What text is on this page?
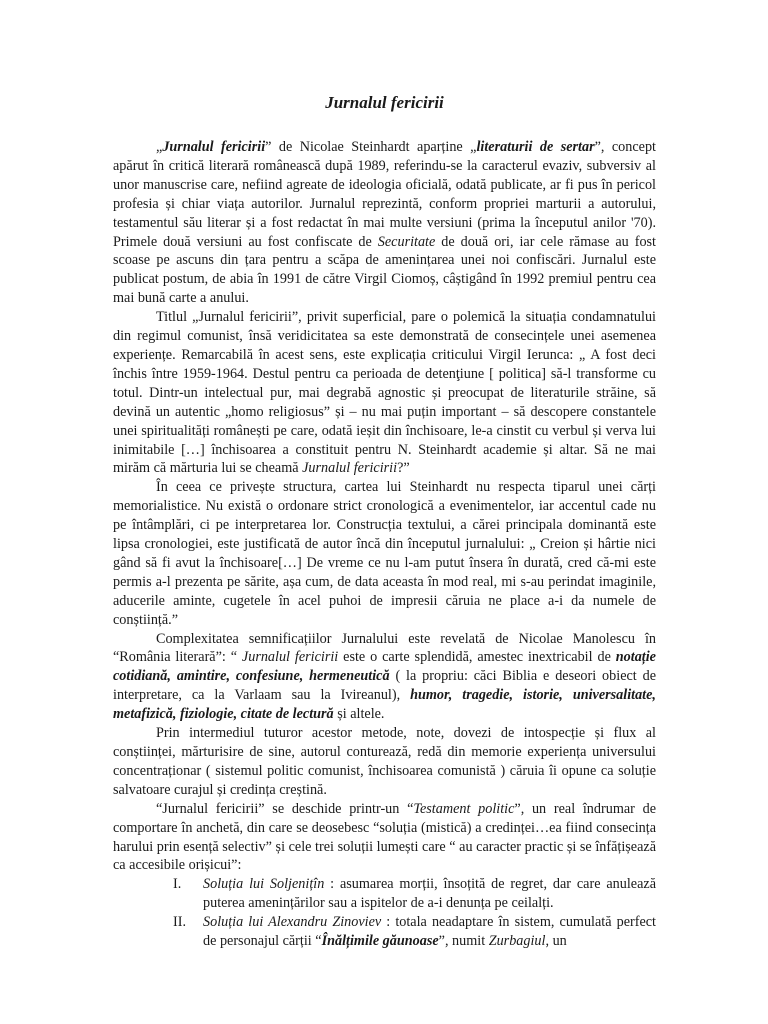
Jurnalul fericirii

„Jurnalul fericirii” de Nicolae Steinhardt aparține „literaturii de sertar”, concept apărut în critică literară românească după 1989, referindu-se la caracterul evaziv, subversiv al unor manuscrise care, nefiind agreate de ideologia oficială, odată publicate, ar fi pus în pericol profesia și chiar viața autorilor. Jurnalul reprezintă, conform propriei marturii a autorului, testamentul său literar și a fost redactat în mai multe versiuni (prima la începutul anilor '70). Primele două versiuni au fost confiscate de Securitate de două ori, iar cele rămase au fost scoase pe ascuns din țara pentru a scăpa de amenințarea unei noi confiscări. Jurnalul este publicat postum, de abia în 1991 de către Virgil Ciomoș, câștigând în 1992 premiul pentru cea mai bună carte a anului.

Titlul „Jurnalul fericirii”, privit superficial, pare o polemică la situația condamnatului din regimul comunist, însă veridicitatea sa este demonstrată de consecințele unei asemenea experiențe. Remarcabilă în acest sens, este explicația criticului Virgil Ierunca: „ A fost deci închis între 1959-1964. Destul pentru ca perioada de detenţiune [ politica] să-l transforme cu totul. Dintr-un intelectual pur, mai degrabă agnostic și preocupat de literaturile străine, să devină un autentic „homo religiosus” și – nu mai puțin important – să descopere constantele unei spiritualități românești pe care, odată ieșit din închisoare, le-a cinstit cu verbul și verva lui inimitabile […] închisoarea a constituit pentru N. Steinhardt academie și altar. Să ne mai mirăm că mărturia lui se cheamă Jurnalul fericirii?”

În ceea ce privește structura, cartea lui Steinhardt nu respecta tiparul unei cărți memorialistice. Nu există o ordonare strict cronologică a evenimentelor, iar accentul cade nu pe întâmplări, ci pe interpretarea lor. Construcția textului, a cărei principala dominantă este lipsa cronologiei, este justificată de autor încă din începutul jurnalului: „ Creion și hârtie nici gând să fi avut la închisoare[…] De vreme ce nu l-am putut însera în durată, cred că-mi este permis a-l prezenta pe sărite, așa cum, de data aceasta în mod real, mi s-au perindat imaginile, aducerile aminte, cugetele în acel puhoi de impresii căruia ne place a-i da numele de conștiință.”

Complexitatea semnificațiilor Jurnalului este revelată de Nicolae Manolescu în “România literară”: “ Jurnalul fericirii este o carte splendidă, amestec inextricabil de notație cotidiană, amintire, confesiune, hermeneutică ( la propriu: căci Biblia e deseori obiect de interpretare, ca la Varlaam sau la Ivireanul), humor, tragedie, istorie, universalitate, metafizică, fiziologie, citate de lectură și altele.

Prin intermediul tuturor acestor metode, note, dovezi de intospecție și flux al conștiinței, mărturisire de sine, autorul conturează, redă din memorie experiența universului concentraționar ( sistemul politic comunist, închisoarea comunistă ) căruia îi opune ca soluție salvatoare curajul și credința creștină.

“Jurnalul fericirii” se deschide printr-un “Testament politic”, un real îndrumar de comportare în anchetă, din care se deosebesc “soluția (mistică) a credinței…ea fiind consecința harului prin esență selectiv” și cele trei soluții lumești care “ au caracter practic și se înfățișează ca accesibile orișicui”:

I. Soluția lui Soljenițîn : asumarea morții, însoțită de regret, dar care anulează puterea amenințărilor sau a ispitelor de a-i denunța pe ceilalți.
II. Soluția lui Alexandru Zinoviev : totala neadaptare în sistem, cumulată perfect de personajul cărții “Înălțimile găunoase”, numit Zurbagiul, un
